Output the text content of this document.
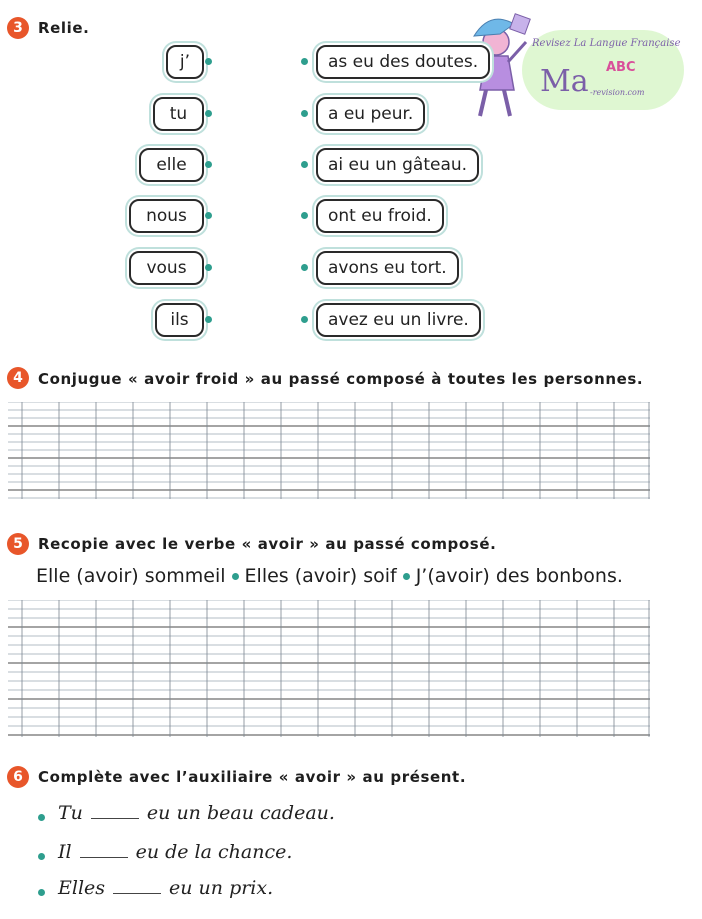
Revisez La Langue Française
Ma ABC
-revision.com
3	Relie.
j’
tu
elle
nous
vous
ils
as eu des doutes.
a eu peur.
ai eu un gâteau.
ont eu froid.
avons eu tort.
avez eu un livre.
4	Conjugue « avoir froid » au passé composé à toutes les personnes.
5	Recopie avec le verbe « avoir » au passé composé.
Elle (avoir) sommeil Elles (avoir) soif J’(avoir) des bonbons.
6	Complète avec l’auxiliaire « avoir » au présent.
Tu	eu un beau cadeau.
Il	eu de la chance.
Elles	eu un prix.
